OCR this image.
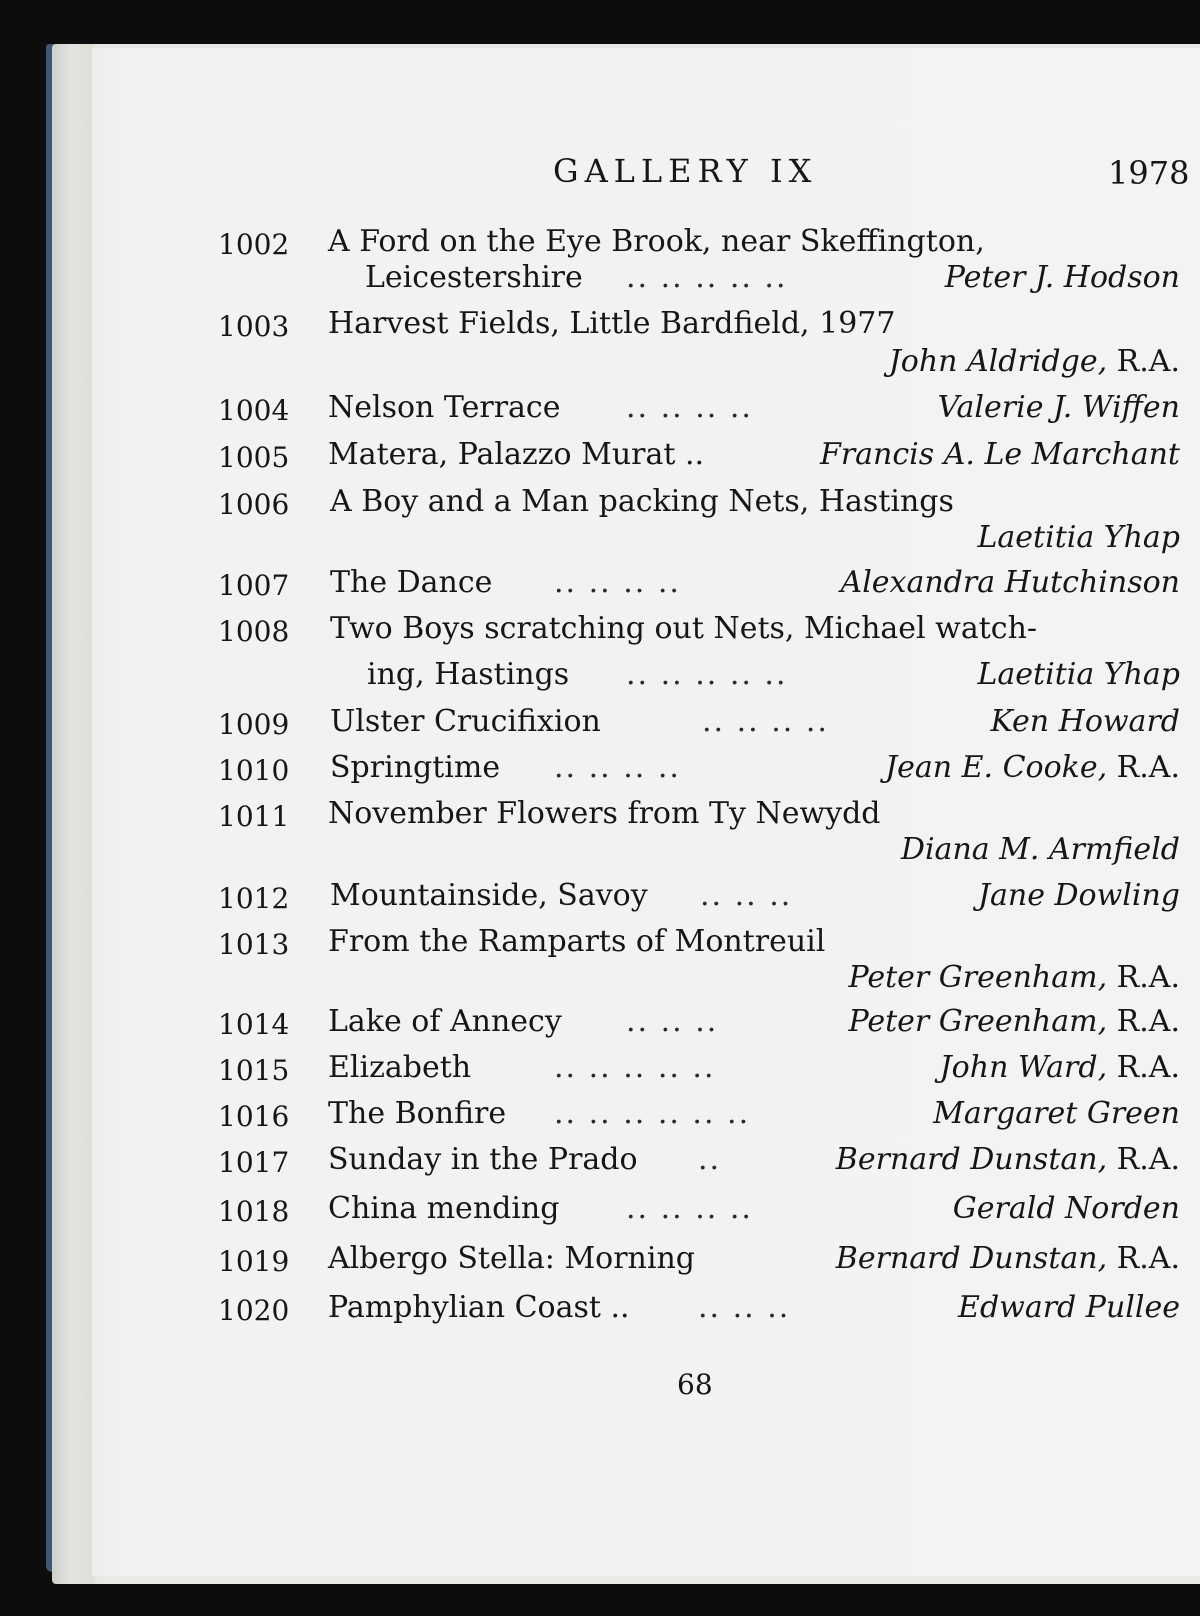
GALLERY IX	1978
1002 A Ford on the Eye Brook, near Skeffington,
Leicestershire .. .. .. .. ..	Peter J. Hodson
1003 Harvest Fields, Little Bardfield, 1977
John Aldridge, R.A.
1004 Nelson Terrace .. .. .. ..	Valerie J. Wiffen
1005 Matera, Palazzo Murat ..	Francis A. Le Marchant
1006 A Boy and a Man packing Nets, Hastings
Laetitia Yhap
1007 The Dance .. .. .. ..	Alexandra Hutchinson
1008 Two Boys scratching out Nets, Michael watch-
ing, Hastings .. .. .. .. ..	Laetitia Yhap
1009 Ulster Crucifixion	.. .. .. ..	Ken Howard
1010 Springtime .. .. .. ..	Jean E. Cooke, R.A.
1011 November Flowers from Ty Newydd
Diana M. Armfield
1012 Mountainside, Savoy .. .. ..	Jane Dowling
1013 From the Ramparts of Montreuil
Peter Greenham, R.A.
1014 Lake of Annecy .. .. ..	Peter Greenham, R.A.
1015 Elizabeth	.. .. .. .. ..	John Ward, R.A.
1016 The Bonfire .. .. .. .. .. ..	Margaret Green
1017 Sunday in the Prado ..	Bernard Dunstan, R.A.
1018 China mending .. .. .. ..	Gerald Norden
1019 Albergo Stella: Morning	Bernard Dunstan, R.A.
1020 Pamphylian Coast .. .. .. ..	Edward Pullee
68
